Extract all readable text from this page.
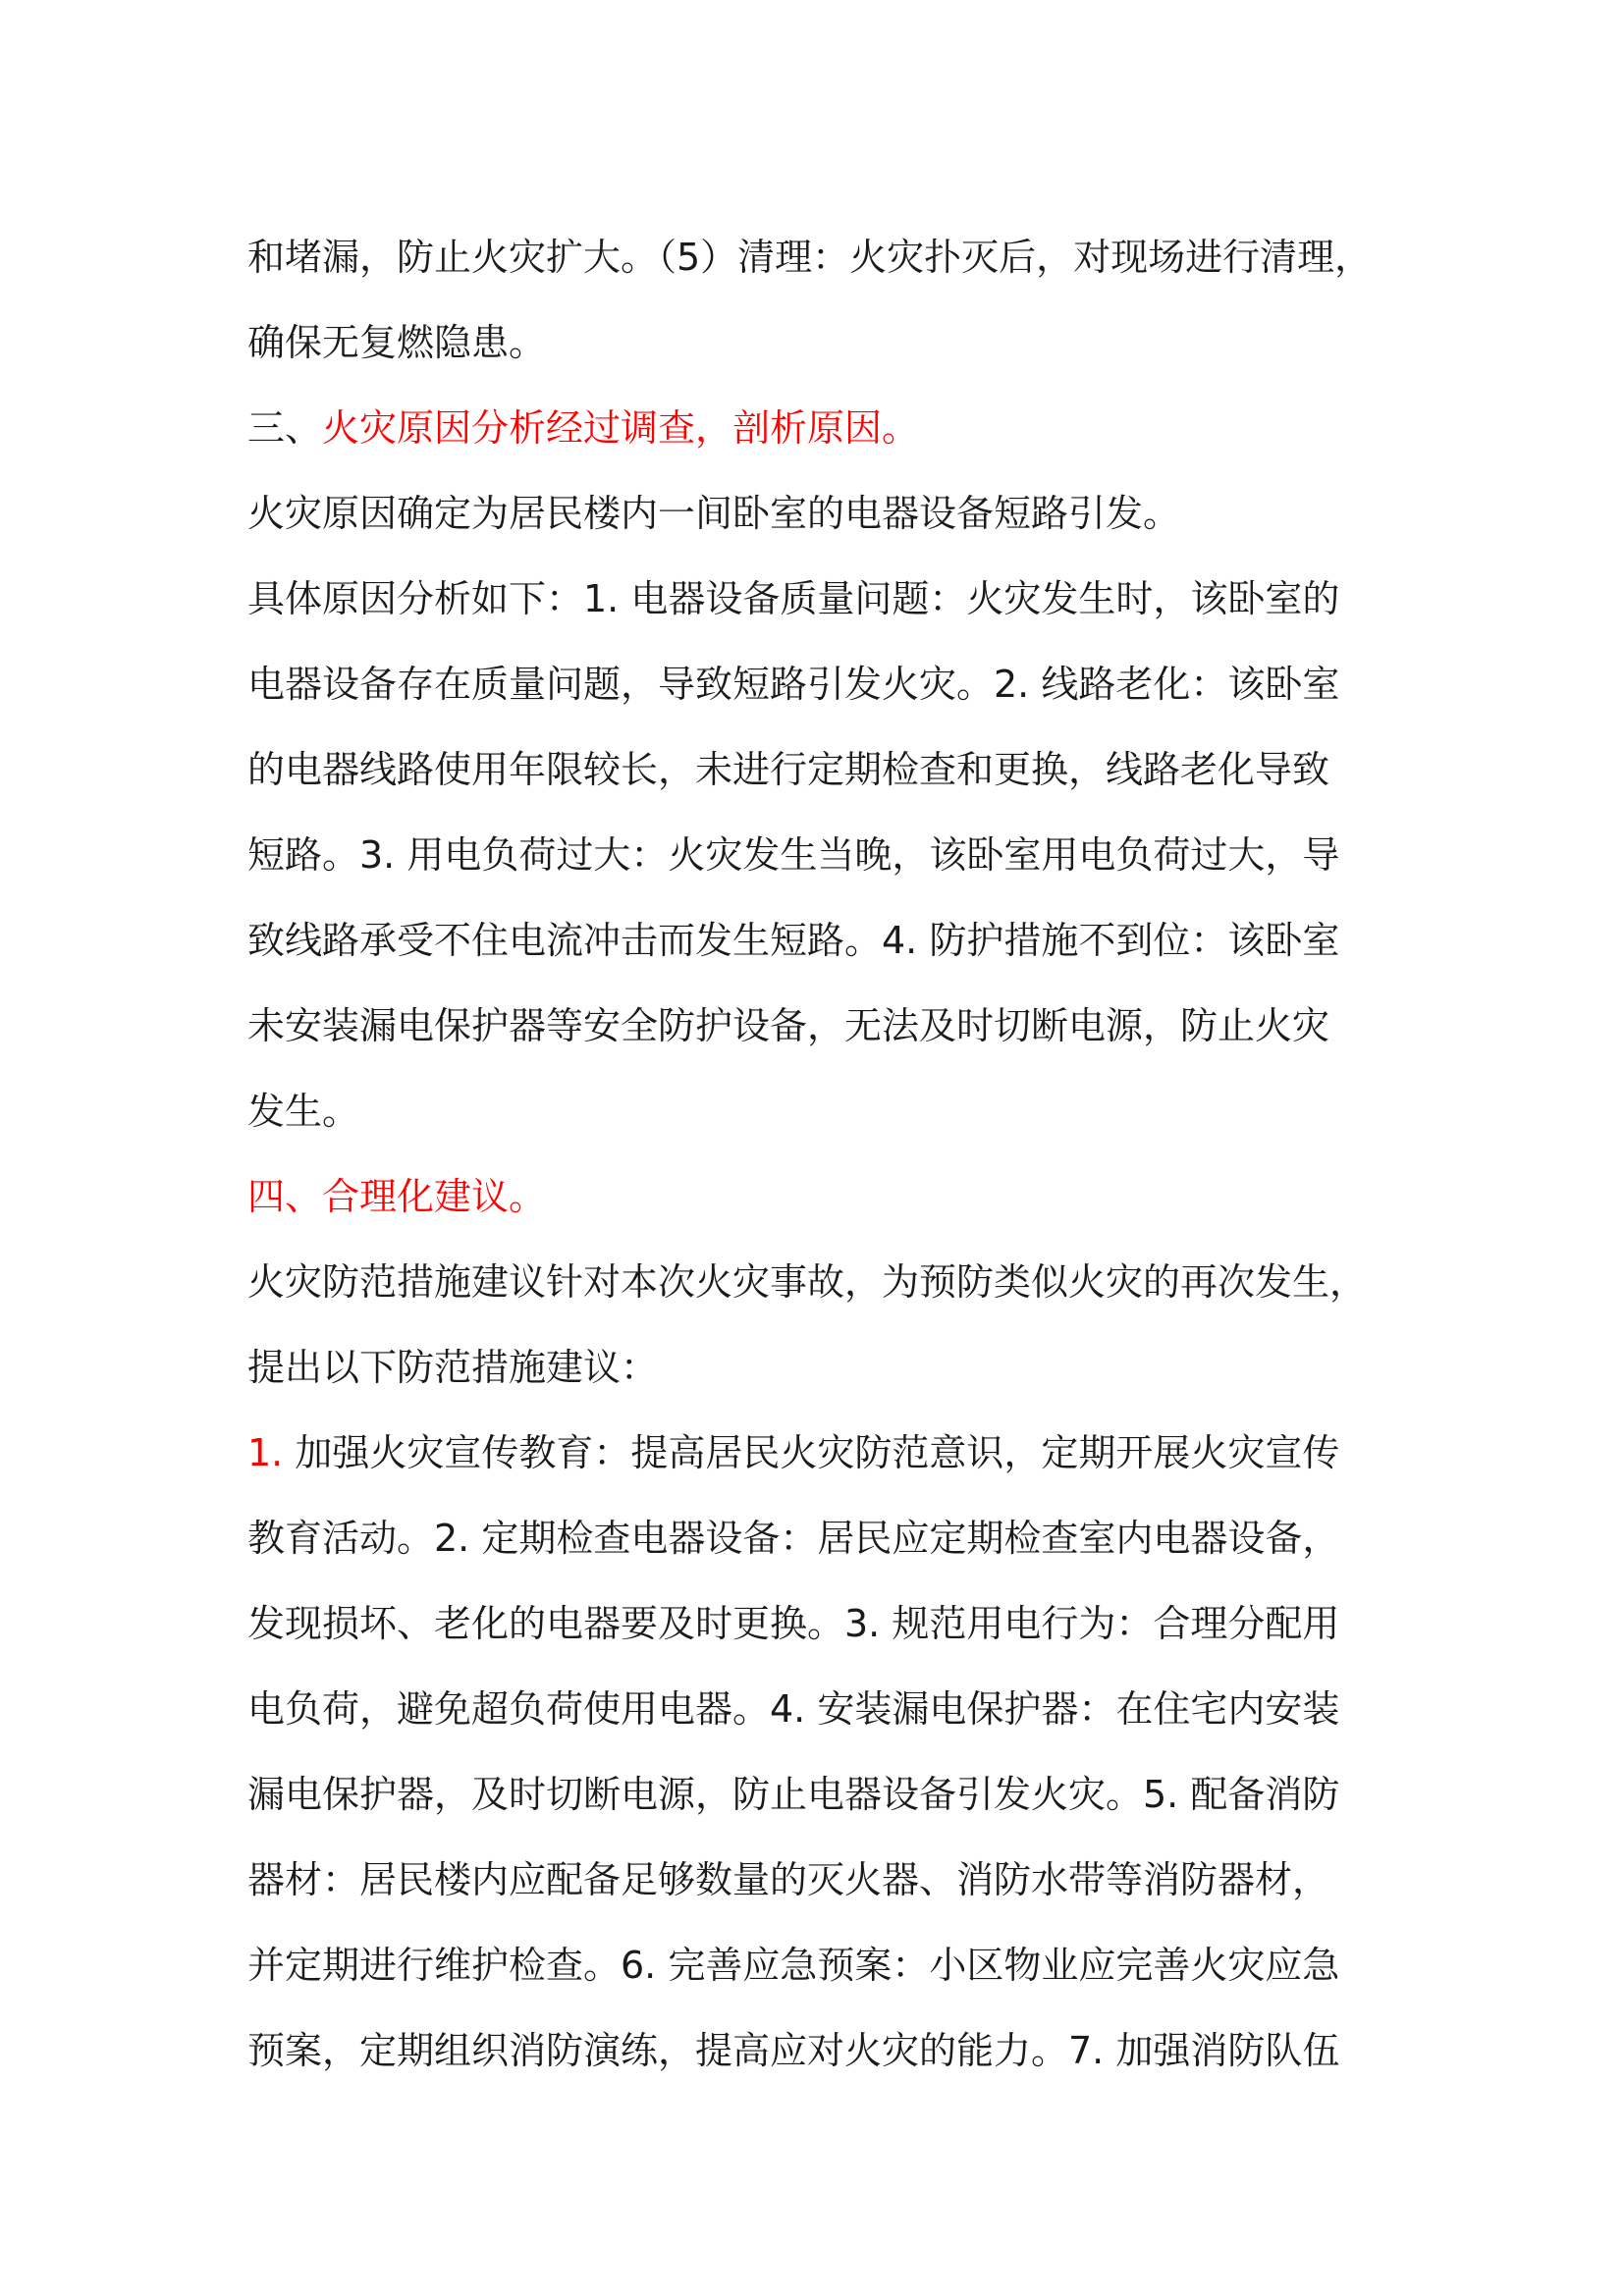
和堵漏，防止火灾扩大。（5）清理：火灾扑灭后，对现场进行清理，
确保无复燃隐患。
三、火灾原因分析经过调查，剖析原因。
火灾原因确定为居民楼内一间卧室的电器设备短路引发。
具体原因分析如下：1. 电器设备质量问题：火灾发生时，该卧室的
电器设备存在质量问题，导致短路引发火灾。2. 线路老化：该卧室
的电器线路使用年限较长，未进行定期检查和更换，线路老化导致
短路。3. 用电负荷过大：火灾发生当晚，该卧室用电负荷过大，导
致线路承受不住电流冲击而发生短路。4. 防护措施不到位：该卧室
未安装漏电保护器等安全防护设备，无法及时切断电源，防止火灾
发生。
四、合理化建议。
火灾防范措施建议针对本次火灾事故，为预防类似火灾的再次发生，
提出以下防范措施建议：
1. 加强火灾宣传教育：提高居民火灾防范意识，定期开展火灾宣传
教育活动。2. 定期检查电器设备：居民应定期检查室内电器设备，
发现损坏、老化的电器要及时更换。3. 规范用电行为：合理分配用
电负荷，避免超负荷使用电器。4. 安装漏电保护器：在住宅内安装
漏电保护器，及时切断电源，防止电器设备引发火灾。5. 配备消防
器材：居民楼内应配备足够数量的灭火器、消防水带等消防器材，
并定期进行维护检查。6. 完善应急预案：小区物业应完善火灾应急
预案，定期组织消防演练，提高应对火灾的能力。7. 加强消防队伍
